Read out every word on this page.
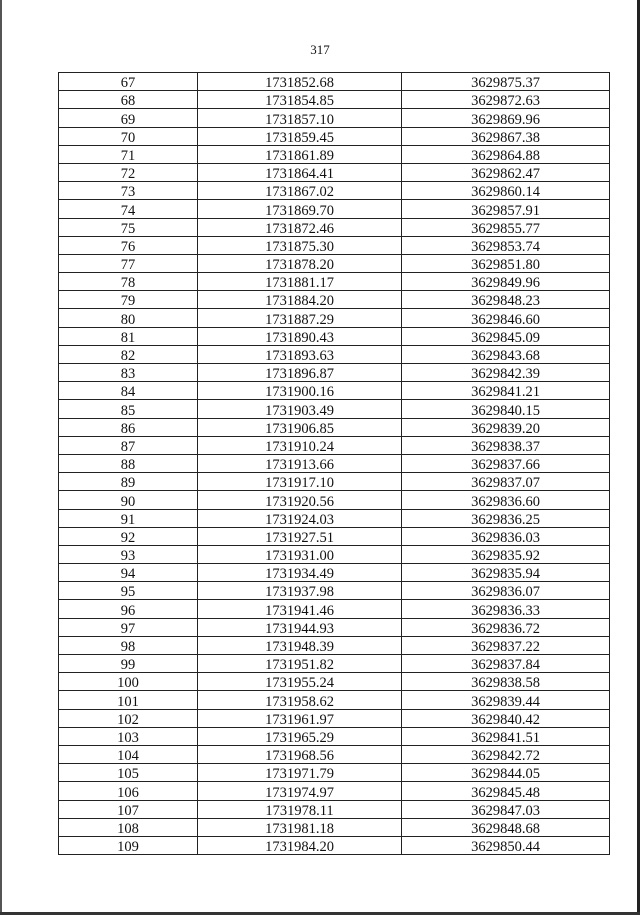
317
67	1731852.68	3629875.37
68	1731854.85	3629872.63
69	1731857.10	3629869.96
70	1731859.45	3629867.38
71	1731861.89	3629864.88
72	1731864.41	3629862.47
73	1731867.02	3629860.14
74	1731869.70	3629857.91
75	1731872.46	3629855.77
76	1731875.30	3629853.74
77	1731878.20	3629851.80
78	1731881.17	3629849.96
79	1731884.20	3629848.23
80	1731887.29	3629846.60
81	1731890.43	3629845.09
82	1731893.63	3629843.68
83	1731896.87	3629842.39
84	1731900.16	3629841.21
85	1731903.49	3629840.15
86	1731906.85	3629839.20
87	1731910.24	3629838.37
88	1731913.66	3629837.66
89	1731917.10	3629837.07
90	1731920.56	3629836.60
91	1731924.03	3629836.25
92	1731927.51	3629836.03
93	1731931.00	3629835.92
94	1731934.49	3629835.94
95	1731937.98	3629836.07
96	1731941.46	3629836.33
97	1731944.93	3629836.72
98	1731948.39	3629837.22
99	1731951.82	3629837.84
100	1731955.24	3629838.58
101	1731958.62	3629839.44
102	1731961.97	3629840.42
103	1731965.29	3629841.51
104	1731968.56	3629842.72
105	1731971.79	3629844.05
106	1731974.97	3629845.48
107	1731978.11	3629847.03
108	1731981.18	3629848.68
109	1731984.20	3629850.44
